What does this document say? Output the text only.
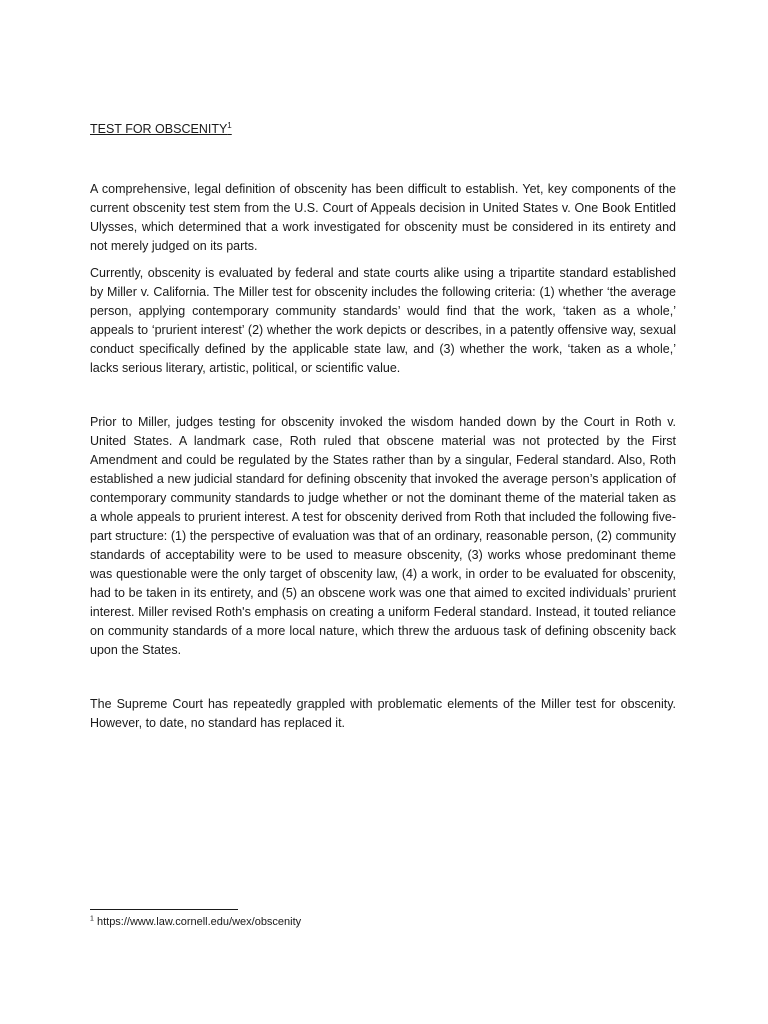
TEST FOR OBSCENITY$^1$

A comprehensive, legal definition of obscenity has been difficult to establish. Yet, key components of the current obscenity test stem from the U.S. Court of Appeals decision in United States v. One Book Entitled Ulysses, which determined that a work investigated for obscenity must be considered in its entirety and not merely judged on its parts.

Currently, obscenity is evaluated by federal and state courts alike using a tripartite standard established by Miller v. California. The Miller test for obscenity includes the following criteria: (1) whether ‘the average person, applying contemporary community standards’ would find that the work, ‘taken as a whole,’ appeals to ‘prurient interest’ (2) whether the work depicts or describes, in a patently offensive way, sexual conduct specifically defined by the applicable state law, and (3) whether the work, ‘taken as a whole,’ lacks serious literary, artistic, political, or scientific value.

Prior to Miller, judges testing for obscenity invoked the wisdom handed down by the Court in Roth v. United States. A landmark case, Roth ruled that obscene material was not protected by the First Amendment and could be regulated by the States rather than by a singular, Federal standard. Also, Roth established a new judicial standard for defining obscenity that invoked the average person’s application of contemporary community standards to judge whether or not the dominant theme of the material taken as a whole appeals to prurient interest. A test for obscenity derived from Roth that included the following five-part structure: (1) the perspective of evaluation was that of an ordinary, reasonable person, (2) community standards of acceptability were to be used to measure obscenity, (3) works whose predominant theme was questionable were the only target of obscenity law, (4) a work, in order to be evaluated for obscenity, had to be taken in its entirety, and (5) an obscene work was one that aimed to excited individuals’ prurient interest. Miller revised Roth's emphasis on creating a uniform Federal standard. Instead, it touted reliance on community standards of a more local nature, which threw the arduous task of defining obscenity back upon the States.

The Supreme Court has repeatedly grappled with problematic elements of the Miller test for obscenity. However, to date, no standard has replaced it.

$^1$ https://www.law.cornell.edu/wex/obscenity
